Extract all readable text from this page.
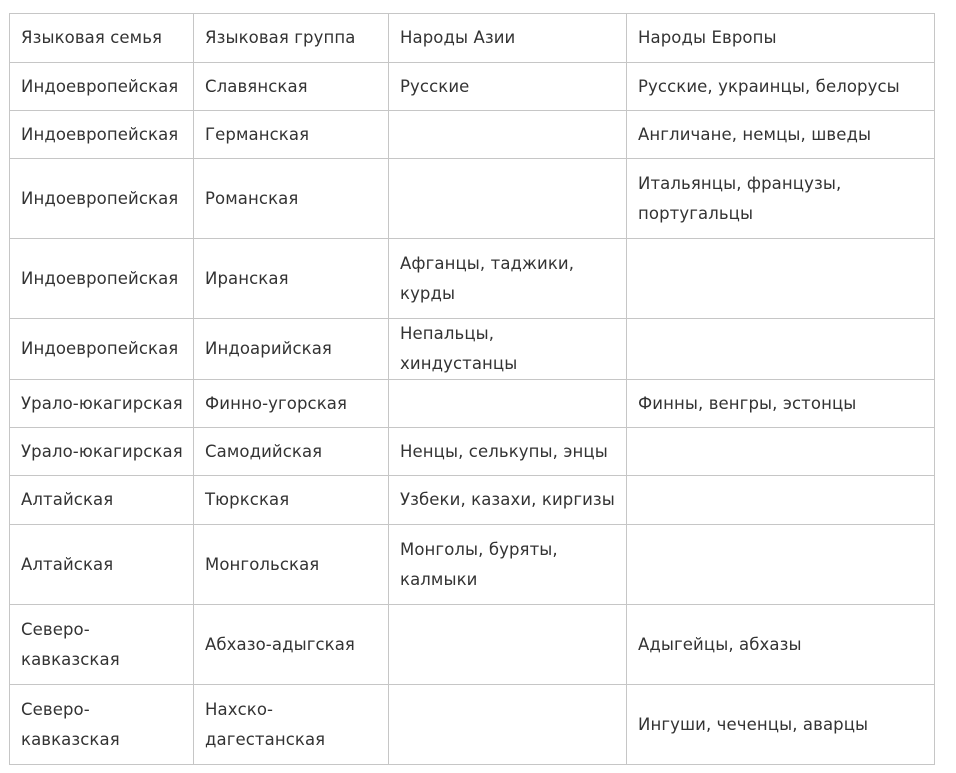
Языковая семья	Языковая группа	Народы Азии	Народы Европы
Индоевропейская	Славянская	Русские	Русские, украинцы, белорусы
Индоевропейская	Германская		Англичане, немцы, шведы
Индоевропейская	Романская		Итальянцы, французы, португальцы
Индоевропейская	Иранская	Афганцы, таджики, курды	
Индоевропейская	Индоарийская	Непальцы, хиндустанцы	
Урало-юкагирская	Финно-угорская		Финны, венгры, эстонцы
Урало-юкагирская	Самодийская	Ненцы, селькупы, энцы	
Алтайская	Тюркская	Узбеки, казахи, киргизы	
Алтайская	Монгольская	Монголы, буряты, калмыки	
Северо-кавказская	Абхазо-адыгская		Адыгейцы, абхазы
Северо-кавказская	Нахско-дагестанская		Ингуши, чеченцы, аварцы
